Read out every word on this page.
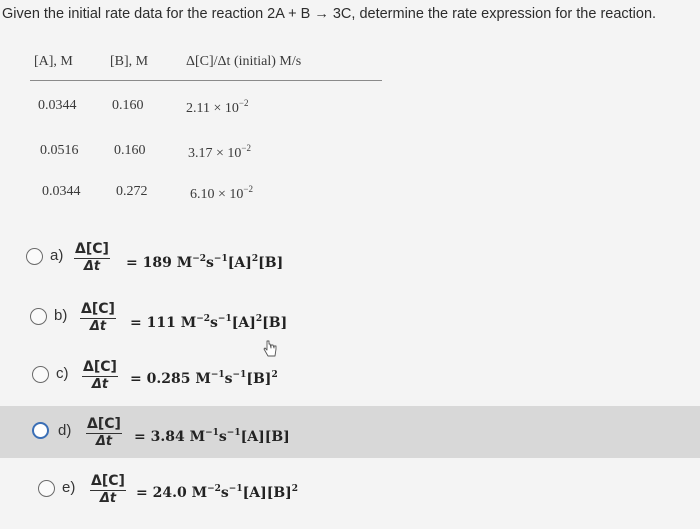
Given the initial rate data for the reaction 2A + B → 3C, determine the rate expression for the reaction.
[A], M	[B], M	Δ[C]/Δt (initial) M/s
0.0344	0.160	$2.11 \times 10^{-2}$
0.0516	0.160	$3.17 \times 10^{-2}$
0.0344	0.272	$6.10 \times 10^{-2}$
$a) \frac{\Delta[C]}{\Delta t} = 189$ $M^{-2}s^{-1}[A]^2[B]$
$b) \frac{\Delta[C]}{\Delta t} = 111$ $M^{-2}s^{-1}[A]^2[B]$
$c) \frac{\Delta[C]}{\Delta t} = 0.285$ $M^{-1}s^{-1}[B]^2$
$d) \frac{\Delta[C]}{\Delta t} = 3.84$ $M^{-1}s^{-1}[A][B]$
$e) \frac{\Delta[C]}{\Delta t} = 24.0$ $M^{-2}s^{-1}[A][B]^2$
